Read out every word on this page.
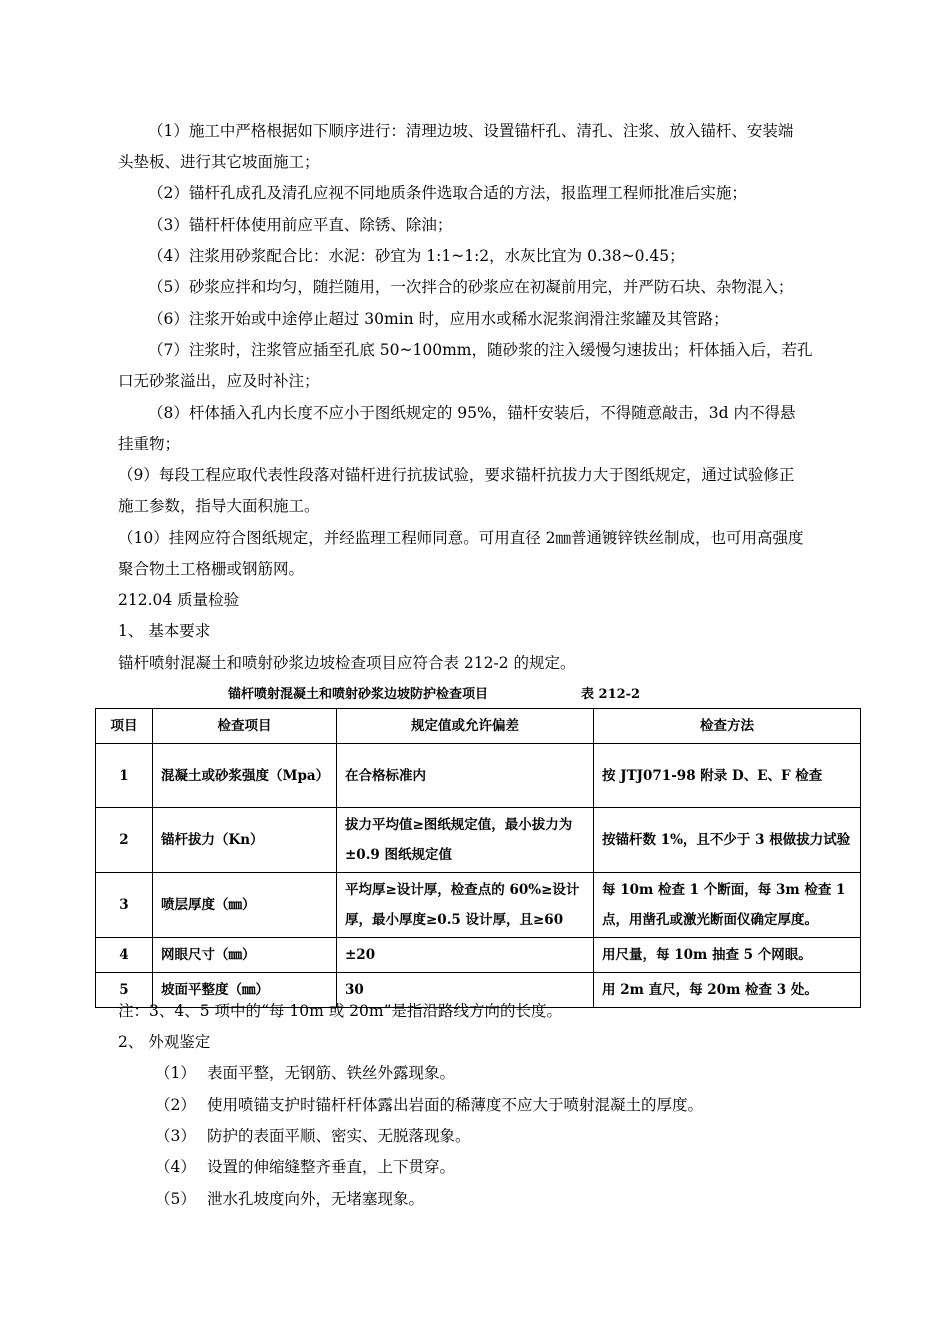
（1）施工中严格根据如下顺序进行：清理边坡、设置锚杆孔、清孔、注浆、放入锚杆、安装端
头垫板、进行其它坡面施工；
（2）锚杆孔成孔及清孔应视不同地质条件选取合适的方法，报监理工程师批准后实施；
（3）锚杆杆体使用前应平直、除锈、除油；
（4）注浆用砂浆配合比：水泥：砂宜为 1:1~1:2，水灰比宜为 0.38~0.45；
（5）砂浆应拌和均匀，随拦随用，一次拌合的砂浆应在初凝前用完，并严防石块、杂物混入；
（6）注浆开始或中途停止超过 30min 时，应用水或稀水泥浆润滑注浆罐及其管路；
（7）注浆时，注浆管应插至孔底 50~100mm，随砂浆的注入缓慢匀速拔出；杆体插入后，若孔
口无砂浆溢出，应及时补注；
（8）杆体插入孔内长度不应小于图纸规定的 95%，锚杆安装后，不得随意敲击，3d 内不得悬
挂重物；
（9）每段工程应取代表性段落对锚杆进行抗拔试验，要求锚杆抗拔力大于图纸规定，通过试验修正
施工参数，指导大面积施工。
（10）挂网应符合图纸规定，并经监理工程师同意。可用直径 2㎜普通镀锌铁丝制成，也可用高强度
聚合物土工格栅或钢筋网。
212.04 质量检验
1、 基本要求
锚杆喷射混凝土和喷射砂浆边坡检查项目应符合表 212-2 的规定。
锚杆喷射混凝土和喷射砂浆边坡防护检查项目	表 212-2
项目	检查项目	规定值或允许偏差	检查方法
1	混凝土或砂浆强度（Mpa）	在合格标准内	按 JTJ071-98 附录 D、E、F 检查
2	锚杆拔力（Kn）	拔力平均值≥图纸规定值，最小拔力为±0.9 图纸规定值	按锚杆数 1%，且不少于 3 根做拔力试验
3	喷层厚度（㎜）	平均厚≥设计厚，检查点的 60%≥设计厚，最小厚度≥0.5 设计厚，且≥60	每 10m 检查 1 个断面，每 3m 检查 1 点，用凿孔或激光断面仪确定厚度。
4	网眼尺寸（㎜）	±20	用尺量，每 10m 抽查 5 个网眼。
5	坡面平整度（㎜）	30	用 2m 直尺，每 20m 检查 3 处。
注：3、4、5 项中的“每 10m 或 20m”是指沿路线方向的长度。
2、 外观鉴定
（1） 表面平整，无钢筋、铁丝外露现象。
（2） 使用喷锚支护时锚杆杆体露出岩面的稀薄度不应大于喷射混凝土的厚度。
（3） 防护的表面平顺、密实、无脱落现象。
（4） 设置的伸缩缝整齐垂直，上下贯穿。
（5） 泄水孔坡度向外，无堵塞现象。
